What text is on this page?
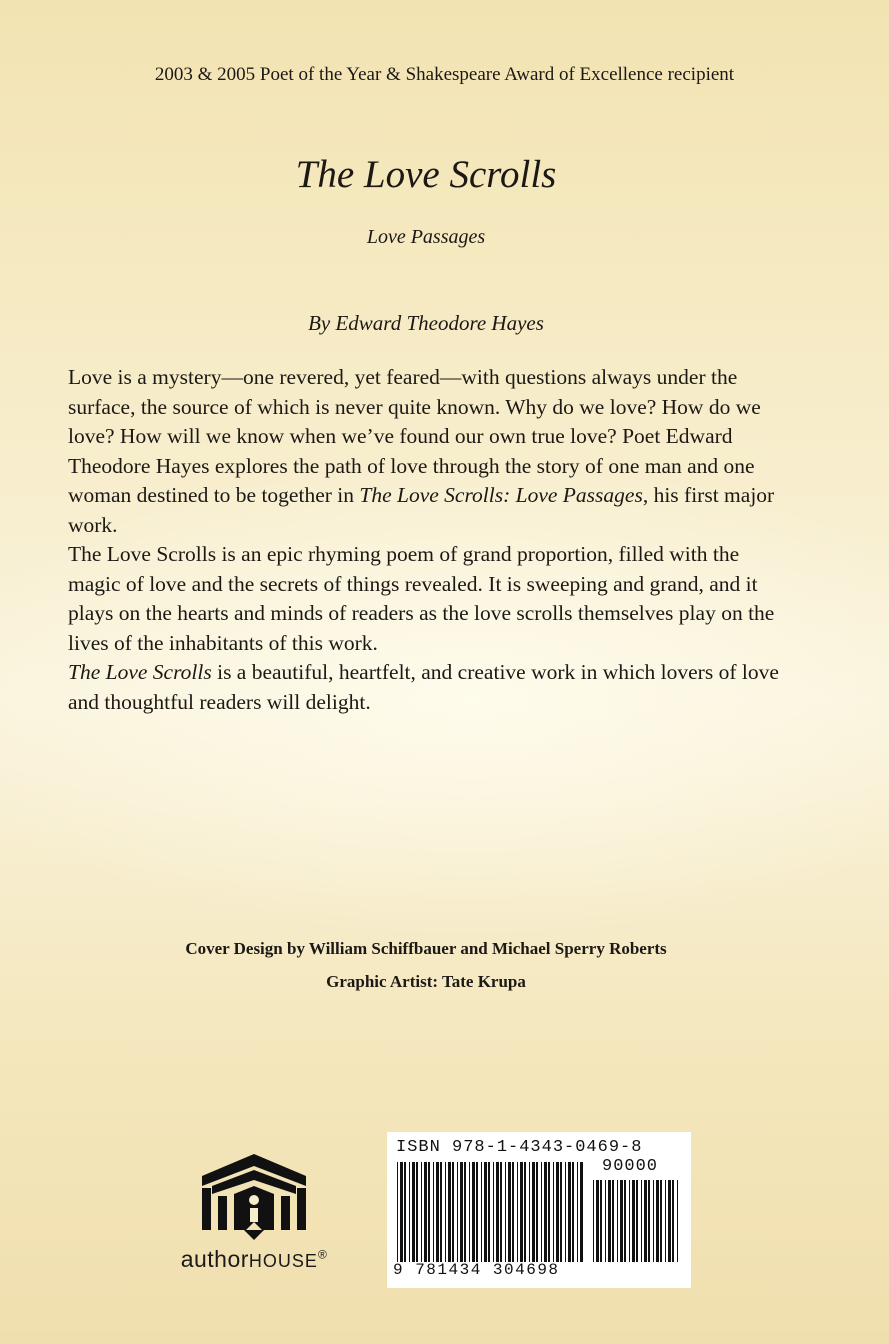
2003 & 2005 Poet of the Year & Shakespeare Award of Excellence recipient
The Love Scrolls
Love Passages
By Edward Theodore Hayes

Love is a mystery—one revered, yet feared—with questions always under the surface, the source of which is never quite known. Why do we love? How do we love? How will we know when we’ve found our own true love? Poet Edward Theodore Hayes explores the path of love through the story of one man and one woman destined to be together in The Love Scrolls: Love Passages, his first major work.

The Love Scrolls is an epic rhyming poem of grand proportion, filled with the magic of love and the secrets of things revealed. It is sweeping and grand, and it plays on the hearts and minds of readers as the love scrolls themselves play on the lives of the inhabitants of this work.

The Love Scrolls is a beautiful, heartfelt, and creative work in which lovers of love and thoughtful readers will delight.

Cover Design by William Schiffbauer and Michael Sperry Roberts
Graphic Artist: Tate Krupa
authorHOUSE®
ISBN 978-1-4343-0469-8
90000
9 781434 304698
